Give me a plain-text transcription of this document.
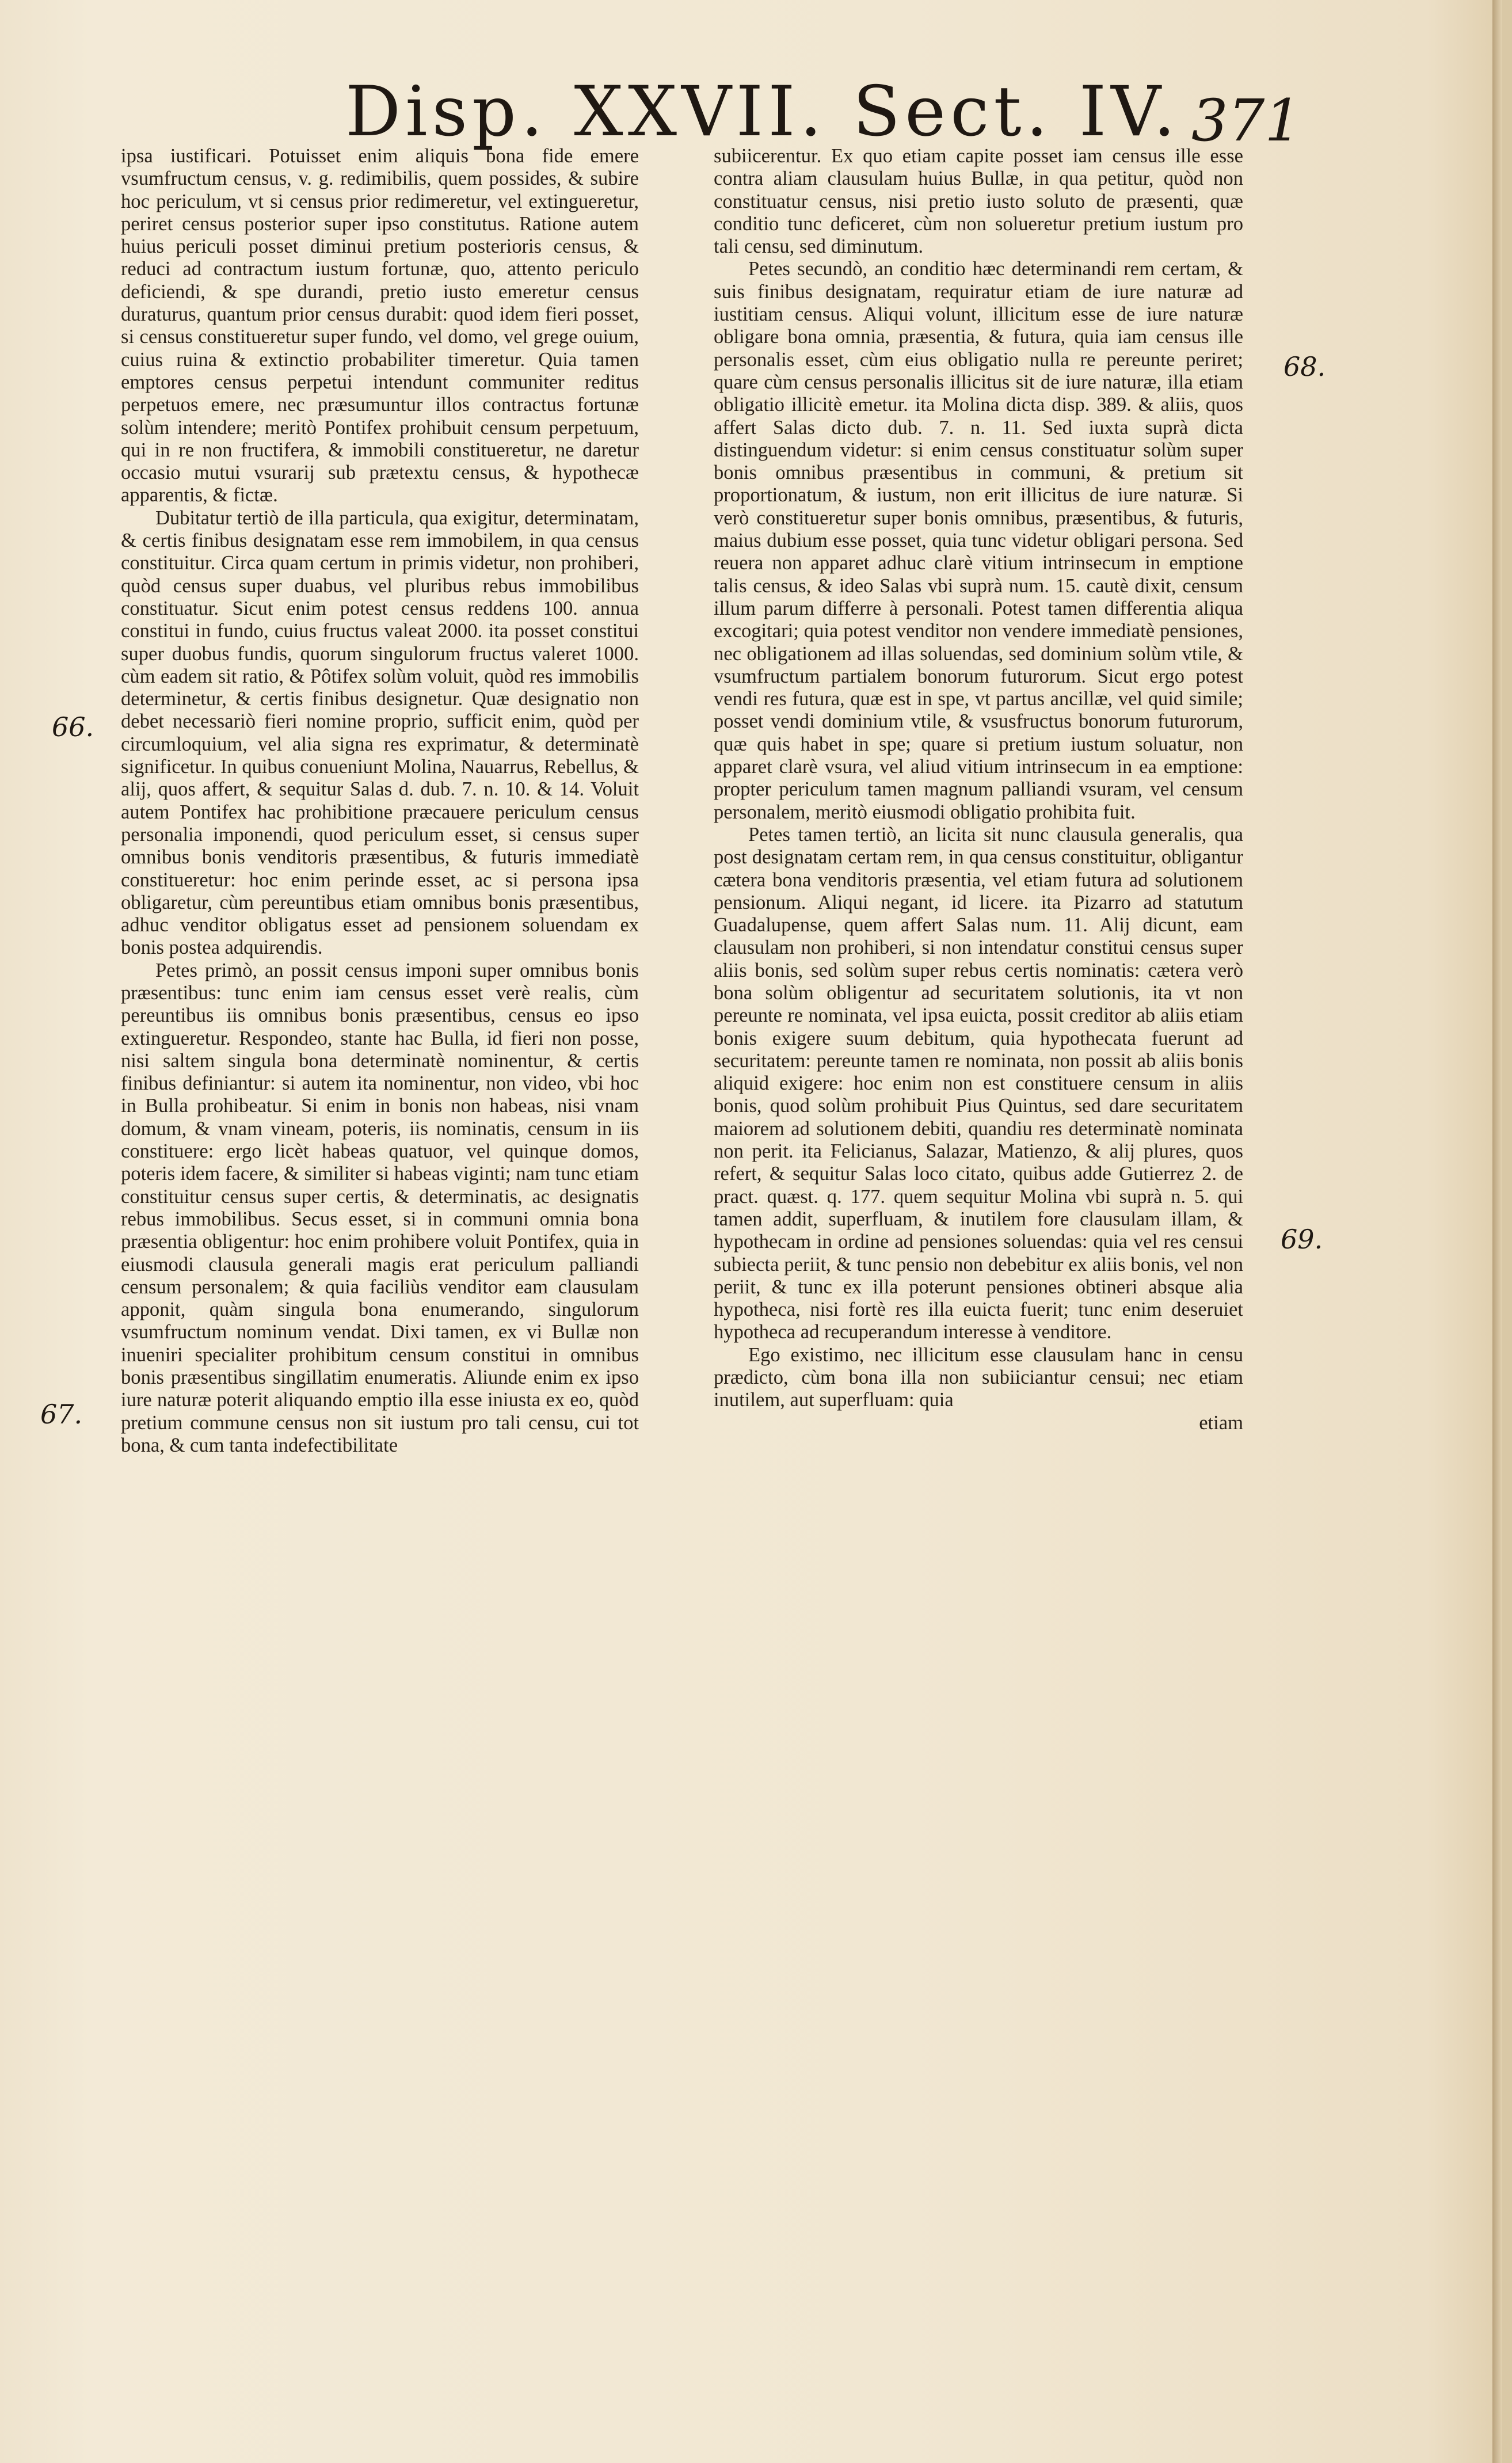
Disp. XXVII. Sect. IV. 371
66.
67.
68.
69.

ipsa iustificari. Potuisset enim aliquis bona fide emere vsumfructum census, v. g. redimibilis, quem possides, & subire hoc periculum, vt si census prior redimeretur, vel extingueretur, periret census posterior super ipso constitutus. Ratione autem huius periculi posset diminui pretium posterioris census, & reduci ad contractum iustum fortunæ, quo, attento periculo deficiendi, & spe durandi, pretio iusto emeretur census duraturus, quantum prior census durabit: quod idem fieri posset, si census constitueretur super fundo, vel domo, vel grege ouium, cuius ruina & extinctio probabiliter timeretur. Quia tamen emptores census perpetui intendunt communiter reditus perpetuos emere, nec præsumuntur illos contractus fortunæ solùm intendere; meritò Pontifex prohibuit censum perpetuum, qui in re non fructifera, & immobili constitueretur, ne daretur occasio mutui vsurarij sub prætextu census, & hypothecæ apparentis, & fictæ.

Dubitatur tertiò de illa particula, qua exigitur, determinatam, & certis finibus designatam esse rem immobilem, in qua census constituitur. Circa quam certum in primis videtur, non prohiberi, quòd census super duabus, vel pluribus rebus immobilibus constituatur. Sicut enim potest census reddens 100. annua constitui in fundo, cuius fructus valeat 2000. ita posset constitui super duobus fundis, quorum singulorum fructus valeret 1000. cùm eadem sit ratio, & Pôtifex solùm voluit, quòd res immobilis determinetur, & certis finibus designetur. Quæ designatio non debet necessariò fieri nomine proprio, sufficit enim, quòd per circumloquium, vel alia signa res exprimatur, & determinatè significetur. In quibus conueniunt Molina, Nauarrus, Rebellus, & alij, quos affert, & sequitur Salas d. dub. 7. n. 10. & 14. Voluit autem Pontifex hac prohibitione præcauere periculum census personalia imponendi, quod periculum esset, si census super omnibus bonis venditoris præsentibus, & futuris immediatè constitueretur: hoc enim perinde esset, ac si persona ipsa obligaretur, cùm pereuntibus etiam omnibus bonis præsentibus, adhuc venditor obligatus esset ad pensionem soluendam ex bonis postea adquirendis.

Petes primò, an possit census imponi super omnibus bonis præsentibus: tunc enim iam census esset verè realis, cùm pereuntibus iis omnibus bonis præsentibus, census eo ipso extingueretur. Respondeo, stante hac Bulla, id fieri non posse, nisi saltem singula bona determinatè nominentur, & certis finibus definiantur: si autem ita nominentur, non video, vbi hoc in Bulla prohibeatur. Si enim in bonis non habeas, nisi vnam domum, & vnam vineam, poteris, iis nominatis, censum in iis constituere: ergo licèt habeas quatuor, vel quinque domos, poteris idem facere, & similiter si habeas viginti; nam tunc etiam constituitur census super certis, & determinatis, ac designatis rebus immobilibus. Secus esset, si in communi omnia bona præsentia obligentur: hoc enim prohibere voluit Pontifex, quia in eiusmodi clausula generali magis erat periculum palliandi censum personalem; & quia faciliùs venditor eam clausulam apponit, quàm singula bona enumerando, singulorum vsumfructum nominum vendat. Dixi tamen, ex vi Bullæ non inueniri specialiter prohibitum censum constitui in omnibus bonis præsentibus singillatim enumeratis. Aliunde enim ex ipso iure naturæ poterit aliquando emptio illa esse iniusta ex eo, quòd pretium commune census non sit iustum pro tali censu, cui tot bona, & cum tanta indefectibilitate

subiicerentur. Ex quo etiam capite posset iam census ille esse contra aliam clausulam huius Bullæ, in qua petitur, quòd non constituatur census, nisi pretio iusto soluto de præsenti, quæ conditio tunc deficeret, cùm non solueretur pretium iustum pro tali censu, sed diminutum.

Petes secundò, an conditio hæc determinandi rem certam, & suis finibus designatam, requiratur etiam de iure naturæ ad iustitiam census. Aliqui volunt, illicitum esse de iure naturæ obligare bona omnia, præsentia, & futura, quia iam census ille personalis esset, cùm eius obligatio nulla re pereunte periret; quare cùm census personalis illicitus sit de iure naturæ, illa etiam obligatio illicitè emetur. ita Molina dicta disp. 389. & aliis, quos affert Salas dicto dub. 7. n. 11. Sed iuxta suprà dicta distinguendum videtur: si enim census constituatur solùm super bonis omnibus præsentibus in communi, & pretium sit proportionatum, & iustum, non erit illicitus de iure naturæ. Si verò constitueretur super bonis omnibus, præsentibus, & futuris, maius dubium esse posset, quia tunc videtur obligari persona. Sed reuera non apparet adhuc clarè vitium intrinsecum in emptione talis census, & ideo Salas vbi suprà num. 15. cautè dixit, censum illum parum differre à personali. Potest tamen differentia aliqua excogitari; quia potest venditor non vendere immediatè pensiones, nec obligationem ad illas soluendas, sed dominium solùm vtile, & vsumfructum partialem bonorum futurorum. Sicut ergo potest vendi res futura, quæ est in spe, vt partus ancillæ, vel quid simile; posset vendi dominium vtile, & vsusfructus bonorum futurorum, quæ quis habet in spe; quare si pretium iustum soluatur, non apparet clarè vsura, vel aliud vitium intrinsecum in ea emptione: propter periculum tamen magnum palliandi vsuram, vel censum personalem, meritò eiusmodi obligatio prohibita fuit.

Petes tamen tertiò, an licita sit nunc clausula generalis, qua post designatam certam rem, in qua census constituitur, obligantur cætera bona venditoris præsentia, vel etiam futura ad solutionem pensionum. Aliqui negant, id licere. ita Pizarro ad statutum Guadalupense, quem affert Salas num. 11. Alij dicunt, eam clausulam non prohiberi, si non intendatur constitui census super aliis bonis, sed solùm super rebus certis nominatis: cætera verò bona solùm obligentur ad securitatem solutionis, ita vt non pereunte re nominata, vel ipsa euicta, possit creditor ab aliis etiam bonis exigere suum debitum, quia hypothecata fuerunt ad securitatem: pereunte tamen re nominata, non possit ab aliis bonis aliquid exigere: hoc enim non est constituere censum in aliis bonis, quod solùm prohibuit Pius Quintus, sed dare securitatem maiorem ad solutionem debiti, quandiu res determinatè nominata non perit. ita Felicianus, Salazar, Matienzo, & alij plures, quos refert, & sequitur Salas loco citato, quibus adde Gutierrez 2. de pract. quæst. q. 177. quem sequitur Molina vbi suprà n. 5. qui tamen addit, superfluam, & inutilem fore clausulam illam, & hypothecam in ordine ad pensiones soluendas: quia vel res censui subiecta periit, & tunc pensio non debebitur ex aliis bonis, vel non periit, & tunc ex illa poterunt pensiones obtineri absque alia hypotheca, nisi fortè res illa euicta fuerit; tunc enim deseruiet hypotheca ad recuperandum interesse à venditore.

Ego existimo, nec illicitum esse clausulam hanc in censu prædicto, cùm bona illa non subiiciantur censui; nec etiam inutilem, aut superfluam: quia

etiam
